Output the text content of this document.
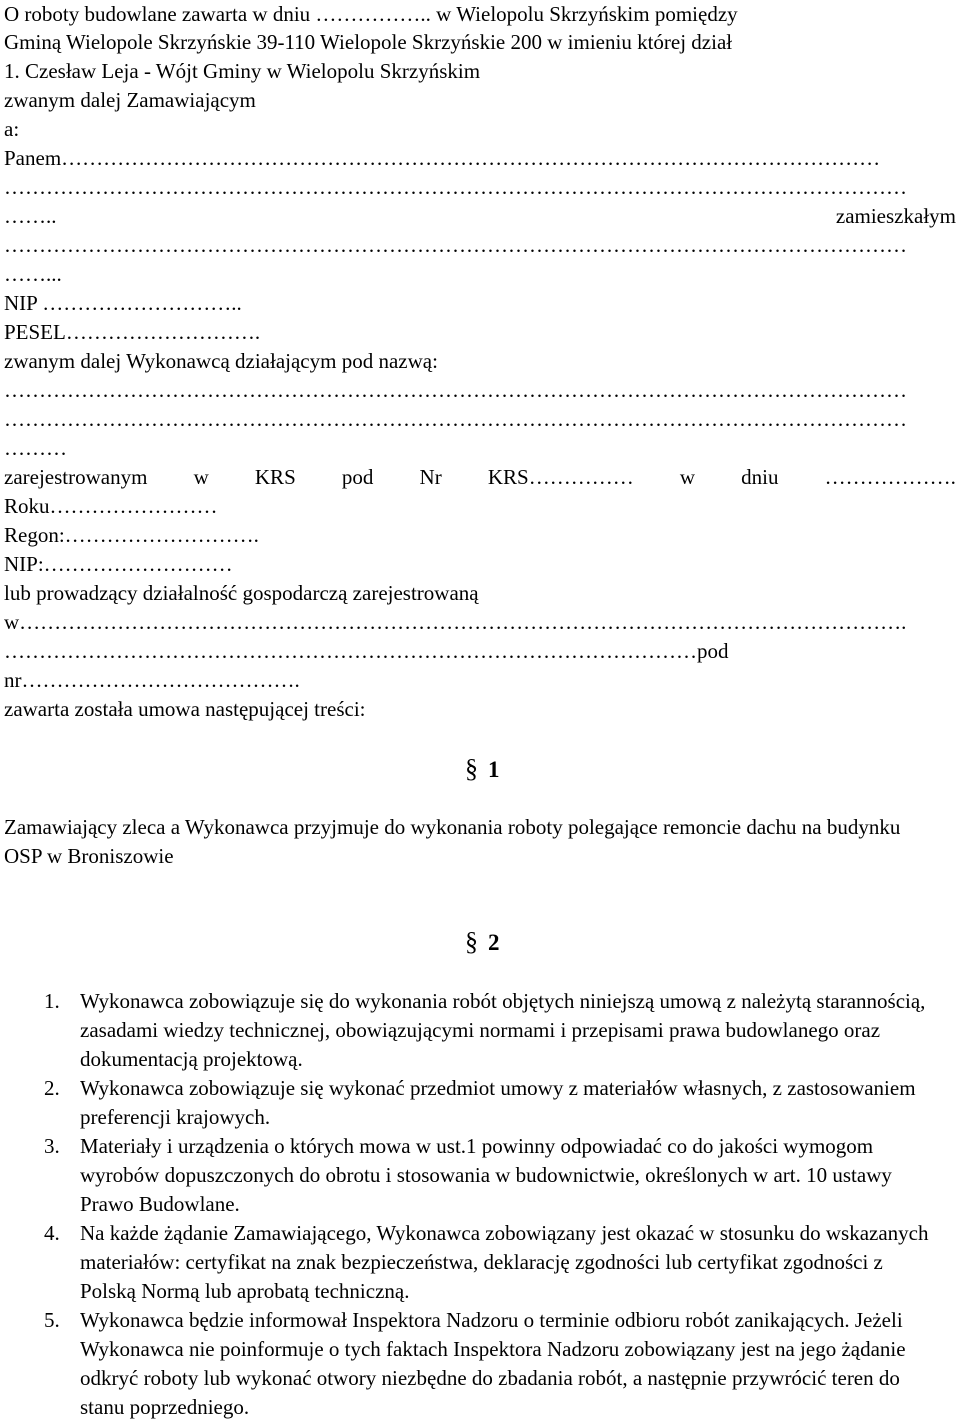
O roboty budowlane zawarta w dniu …………….. w Wielopolu Skrzyńskim pomiędzy
Gminą Wielopole Skrzyńskie 39-110 Wielopole Skrzyńskie 200 w imieniu której dział
1. Czesław Leja - Wójt Gminy w Wielopolu Skrzyńskim
zwanym dalej Zamawiającym
a:
Panem………………………………………………………………………………………………………
…………………………………………………………………………………………………………………
……..	zamieszkałym
…………………………………………………………………………………………………………………
……...
NIP ………………………..
PESEL……………………….
zwanym dalej Wykonawcą działającym pod nazwą:
…………………………………………………………………………………………………………………
…………………………………………………………………………………………………………………
………
zarejestrowanym w KRS pod Nr KRS…………… w dniu ……………….
Roku……………………
Regon:……………………….
NIP:………………………
lub prowadzący działalność gospodarczą zarejestrowaną
w……………………………………………………………………………………………………………….
………………………………………………………………………………………pod
nr………………………………….
zawarta została umowa następującej treści:
§ 1
Zamawiający zleca a Wykonawca przyjmuje do wykonania roboty polegające remoncie dachu na budynku OSP w Broniszowie
§ 2
1. Wykonawca zobowiązuje się do wykonania robót objętych niniejszą umową z należytą starannością, zasadami wiedzy technicznej, obowiązującymi normami i przepisami prawa budowlanego oraz dokumentacją projektową.
2. Wykonawca zobowiązuje się wykonać przedmiot umowy z materiałów własnych, z zastosowaniem preferencji krajowych.
3. Materiały i urządzenia o których mowa w ust.1 powinny odpowiadać co do jakości wymogom wyrobów dopuszczonych do obrotu i stosowania w budownictwie, określonych w art. 10 ustawy Prawo Budowlane.
4. Na każde żądanie Zamawiającego, Wykonawca zobowiązany jest okazać w stosunku do wskazanych materiałów: certyfikat na znak bezpieczeństwa, deklarację zgodności lub certyfikat zgodności z Polską Normą lub aprobatą techniczną.
5. Wykonawca będzie informował Inspektora Nadzoru o terminie odbioru robót zanikających. Jeżeli Wykonawca nie poinformuje o tych faktach Inspektora Nadzoru zobowiązany jest na jego żądanie odkryć roboty lub wykonać otwory niezbędne do zbadania robót, a następnie przywrócić teren do stanu poprzedniego.
